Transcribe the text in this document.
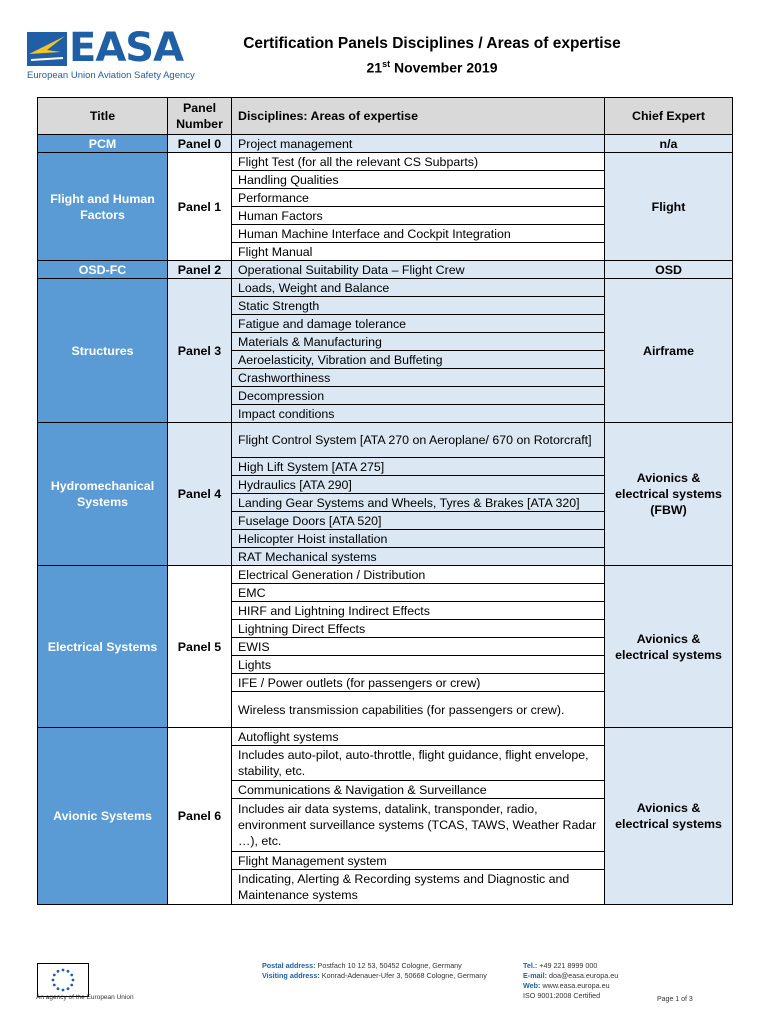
EASA
European Union Aviation Safety Agency
Certification Panels Disciplines / Areas of expertise
21st November 2019
Title	Panel Number	Disciplines: Areas of expertise	Chief Expert
PCM	Panel 0	Project management	n/a
Flight and Human Factors	Panel 1	Flight Test (for all the relevant CS Subparts)	Flight
		Handling Qualities	
		Performance	
		Human Factors	
		Human Machine Interface and Cockpit Integration	
		Flight Manual	
OSD-FC	Panel 2	Operational Suitability Data – Flight Crew	OSD
Structures	Panel 3	Loads, Weight and Balance	Airframe
		Static Strength	
		Fatigue and damage tolerance	
		Materials & Manufacturing	
		Aeroelasticity, Vibration and Buffeting	
		Crashworthiness	
		Decompression	
		Impact conditions	
Hydromechanical Systems	Panel 4	Flight Control System [ATA 270 on Aeroplane/ 670 on Rotorcraft]	Avionics & electrical systems (FBW)
		High Lift System [ATA 275]	
		Hydraulics [ATA 290]	
		Landing Gear Systems and Wheels, Tyres & Brakes [ATA 320]	
		Fuselage Doors [ATA 520]	
		Helicopter Hoist installation	
		RAT Mechanical systems	
Electrical Systems	Panel 5	Electrical Generation / Distribution	Avionics & electrical systems
		EMC	
		HIRF and Lightning Indirect Effects	
		Lightning Direct Effects	
		EWIS	
		Lights	
		IFE / Power outlets (for passengers or crew)	
		Wireless transmission capabilities (for passengers or crew).	
Avionic Systems	Panel 6	Autoflight systems	Avionics & electrical systems
		Includes auto-pilot, auto-throttle, flight guidance, flight envelope, stability, etc.	
		Communications & Navigation & Surveillance	
		Includes air data systems, datalink, transponder, radio, environment surveillance systems (TCAS, TAWS, Weather Radar …), etc.	
		Flight Management system	
		Indicating, Alerting & Recording systems and Diagnostic and Maintenance systems	
An agency of the European Union
Postal address: Postfach 10 12 53, 50452 Cologne, Germany
Visiting address: Konrad-Adenauer-Ufer 3, 50668 Cologne, Germany
Tel.: +49 221 8999 000
E-mail: doa@easa.europa.eu
Web: www.easa.europa.eu
ISO 9001:2008 Certified	Page 1 of 3
